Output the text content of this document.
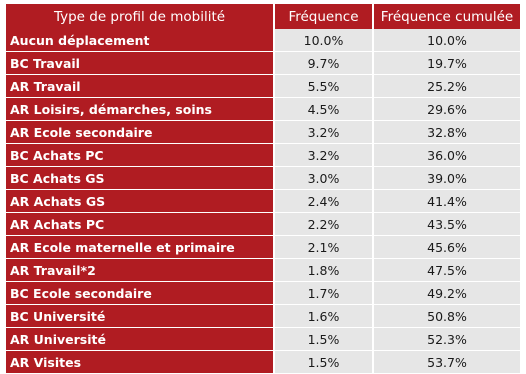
Type de profil de mobilité	Fréquence	Fréquence cumulée
Aucun déplacement	10.0%	10.0%
BC Travail	9.7%	19.7%
AR Travail	5.5%	25.2%
AR Loisirs, démarches, soins	4.5%	29.6%
AR Ecole secondaire	3.2%	32.8%
BC Achats PC	3.2%	36.0%
BC Achats GS	3.0%	39.0%
AR Achats GS	2.4%	41.4%
AR Achats PC	2.2%	43.5%
AR Ecole maternelle et primaire	2.1%	45.6%
AR Travail*2	1.8%	47.5%
BC Ecole secondaire	1.7%	49.2%
BC Université	1.6%	50.8%
AR Université	1.5%	52.3%
AR Visites	1.5%	53.7%
